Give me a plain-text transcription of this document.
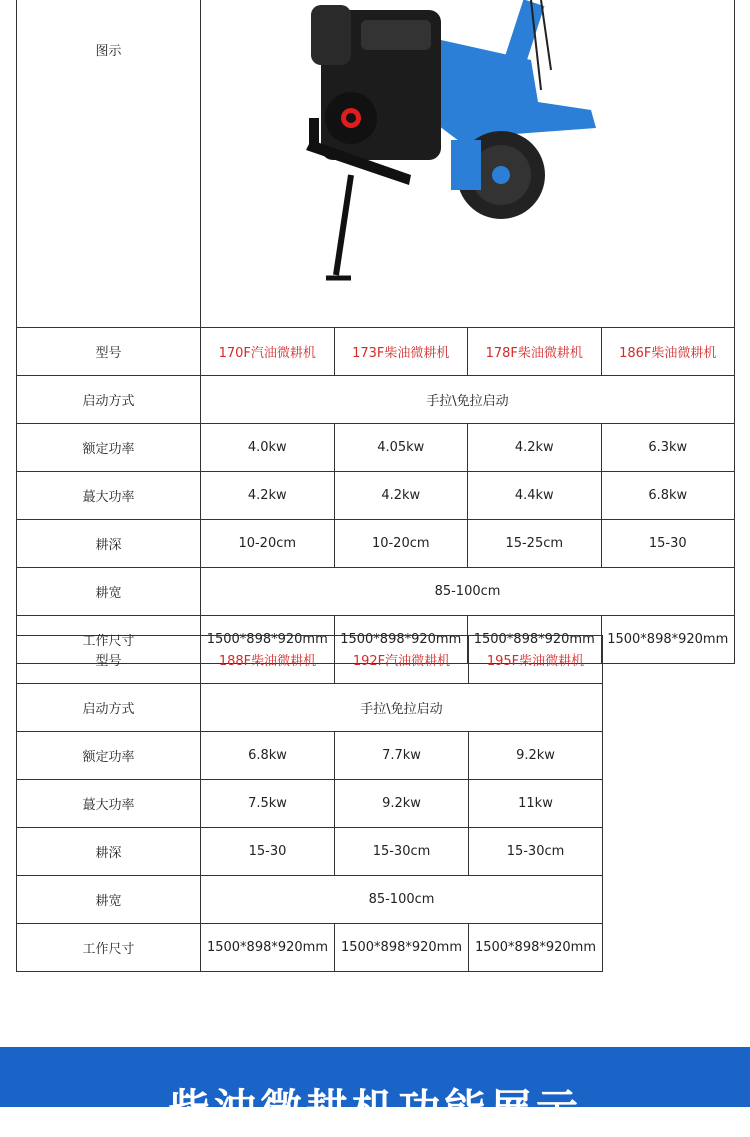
图示	

型号	170F汽油微耕机	173F柴油微耕机	178F柴油微耕机	186F柴油微耕机
启动方式	手拉\免拉启动			
额定功率	4.0kw	4.05kw	4.2kw	6.3kw
蕞大功率	4.2kw	4.2kw	4.4kw	6.8kw
耕深	10-20cm	10-20cm	15-25cm	15-30
耕宽	85-100cm			
工作尺寸	1500*898*920mm	1500*898*920mm	1500*898*920mm	1500*898*920mm
型号	188F柴油微耕机	192F汽油微耕机	195F柴油微耕机
启动方式	手拉\免拉启动		
额定功率	6.8kw	7.7kw	9.2kw
蕞大功率	7.5kw	9.2kw	11kw
耕深	15-30	15-30cm	15-30cm
耕宽	85-100cm		
工作尺寸	1500*898*920mm	1500*898*920mm	1500*898*920mm
柴油微耕机功能展示
